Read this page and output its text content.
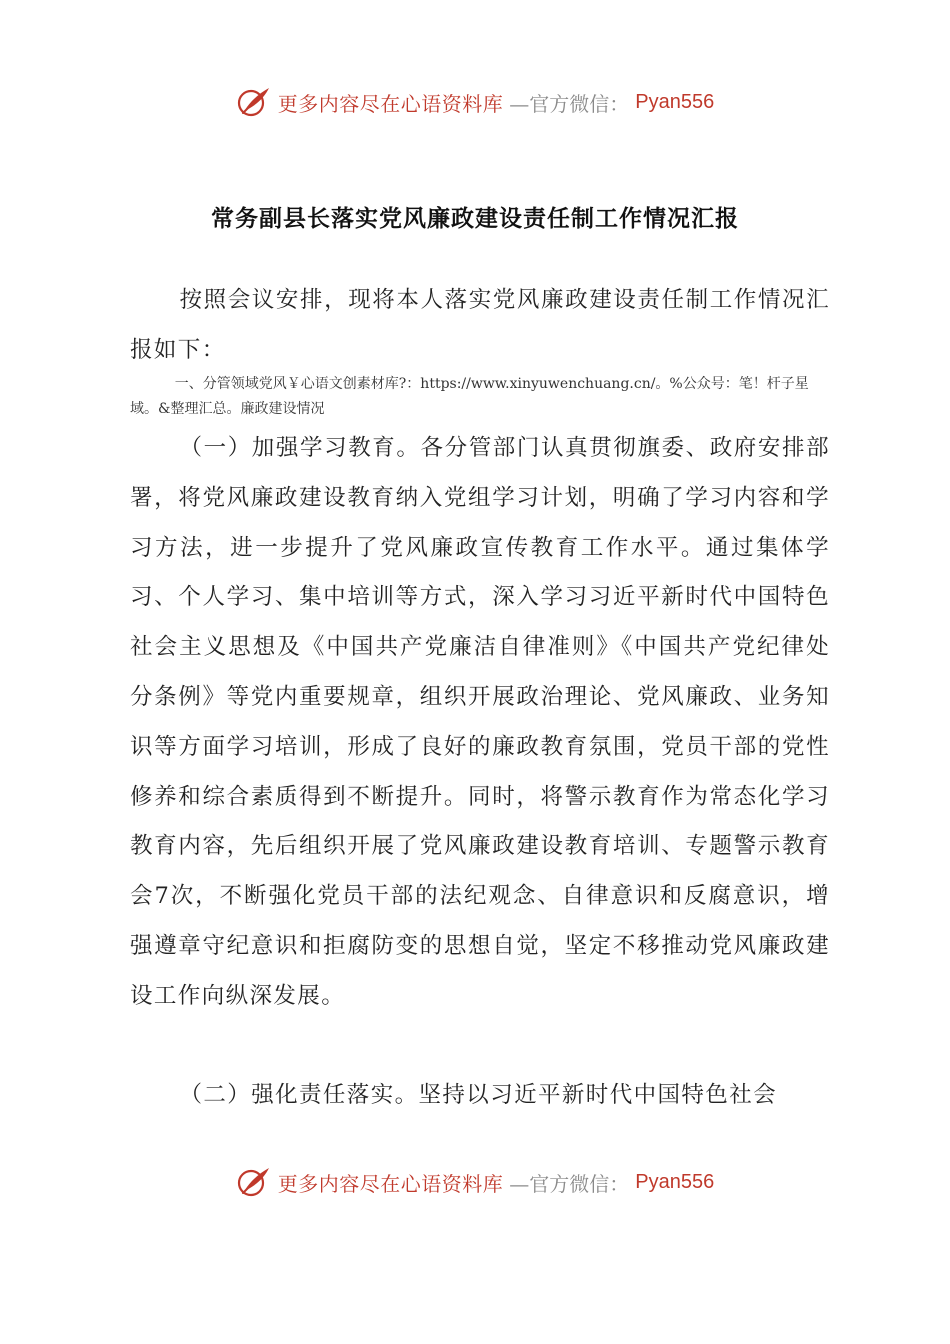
更多内容尽在心语资料库 —官方微信： Pyan556
常务副县长落实党风廉政建设责任制工作情况汇报

按照会议安排，现将本人落实党风廉政建设责任制工作情况汇报如下：

一、分管领域党风￥心语文创素材库?：https://www.xinyuwenchuang.cn/。%公众号：笔！杆子星域。&整理汇总。廉政建设情况

（一）加强学习教育。各分管部门认真贯彻旗委、政府安排部署，将党风廉政建设教育纳入党组学习计划，明确了学习内容和学习方法，进一步提升了党风廉政宣传教育工作水平。通过集体学习、个人学习、集中培训等方式，深入学习习近平新时代中国特色社会主义思想及《中国共产党廉洁自律准则》《中国共产党纪律处分条例》等党内重要规章，组织开展政治理论、党风廉政、业务知识等方面学习培训，形成了良好的廉政教育氛围，党员干部的党性修养和综合素质得到不断提升。同时，将警示教育作为常态化学习教育内容，先后组织开展了党风廉政建设教育培训、专题警示教育会7次，不断强化党员干部的法纪观念、自律意识和反腐意识，增强遵章守纪意识和拒腐防变的思想自觉，坚定不移推动党风廉政建设工作向纵深发展。

（二）强化责任落实。坚持以习近平新时代中国特色社会

更多内容尽在心语资料库 —官方微信： Pyan556
